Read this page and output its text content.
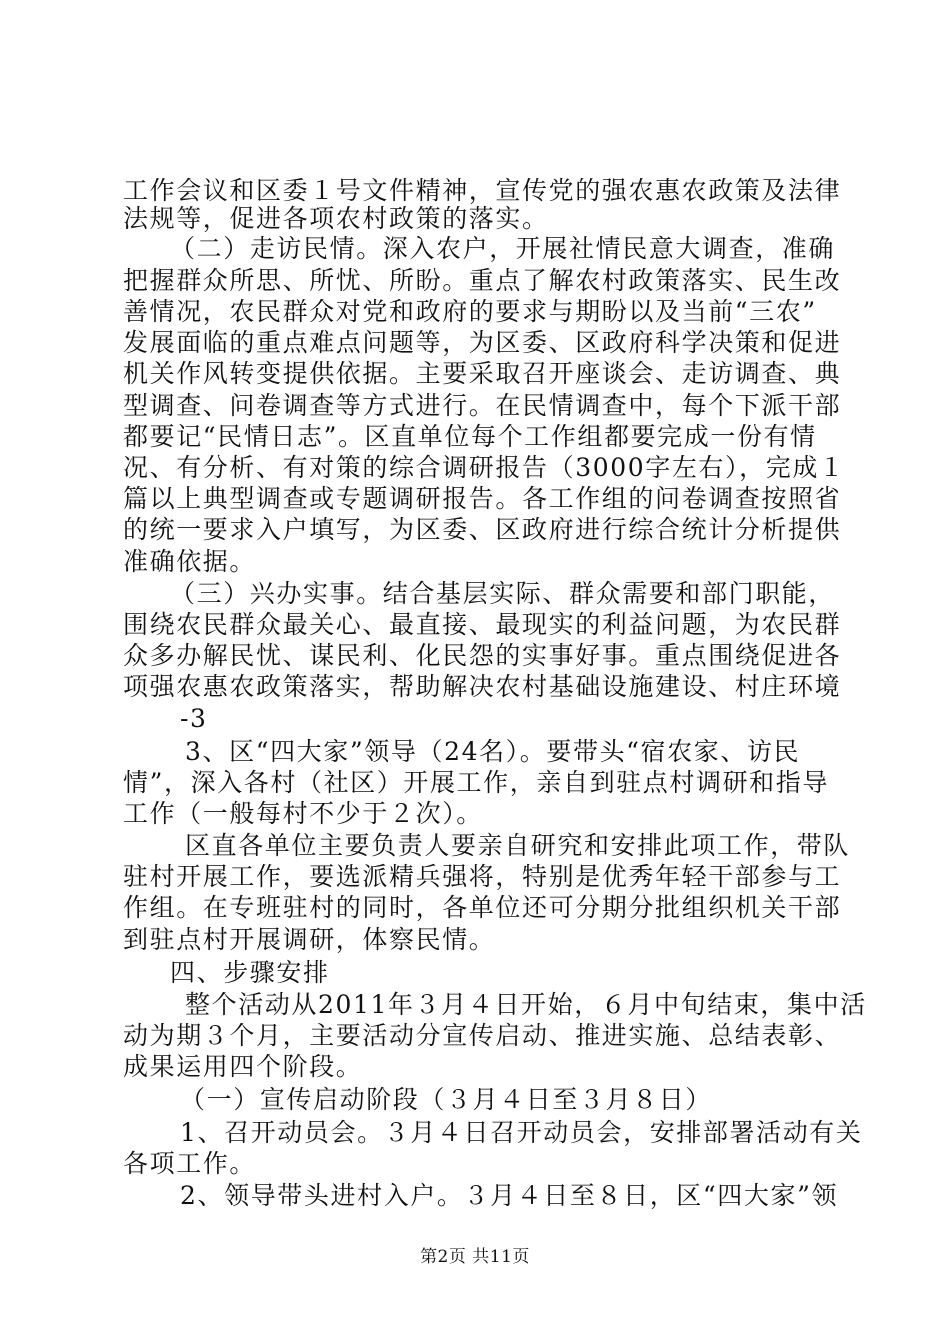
工作会议和区委１号文件精神，宣传党的强农惠农政策及法律
法规等，促进各项农村政策的落实。
（二）走访民情。深入农户，开展社情民意大调查，准确
把握群众所思、所忧、所盼。重点了解农村政策落实、民生改
善情况，农民群众对党和政府的要求与期盼以及当前“三农”
发展面临的重点难点问题等，为区委、区政府科学决策和促进
机关作风转变提供依据。主要采取召开座谈会、走访调查、典
型调查、问卷调查等方式进行。在民情调查中，每个下派干部
都要记“民情日志”。区直单位每个工作组都要完成一份有情
况、有分析、有对策的综合调研报告（3000字左右），完成１
篇以上典型调查或专题调研报告。各工作组的问卷调查按照省
的统一要求入户填写，为区委、区政府进行综合统计分析提供
准确依据。
（三）兴办实事。结合基层实际、群众需要和部门职能，
围绕农民群众最关心、最直接、最现实的利益问题，为农民群
众多办解民忧、谋民利、化民怨的实事好事。重点围绕促进各
项强农惠农政策落实，帮助解决农村基础设施建设、村庄环境
-3
3、区“四大家”领导（24名）。要带头“宿农家、访民
情”，深入各村（社区）开展工作，亲自到驻点村调研和指导
工作（一般每村不少于２次）。
区直各单位主要负责人要亲自研究和安排此项工作，带队
驻村开展工作，要选派精兵强将，特别是优秀年轻干部参与工
作组。在专班驻村的同时，各单位还可分期分批组织机关干部
到驻点村开展调研，体察民情。
四、步骤安排
整个活动从2011年３月４日开始，６月中旬结束，集中活
动为期３个月，主要活动分宣传启动、推进实施、总结表彰、
成果运用四个阶段。
（一）宣传启动阶段（３月４日至３月８日）
1、召开动员会。３月４日召开动员会，安排部署活动有关
各项工作。
2、领导带头进村入户。３月４日至８日，区“四大家”领
第2页 共11页
